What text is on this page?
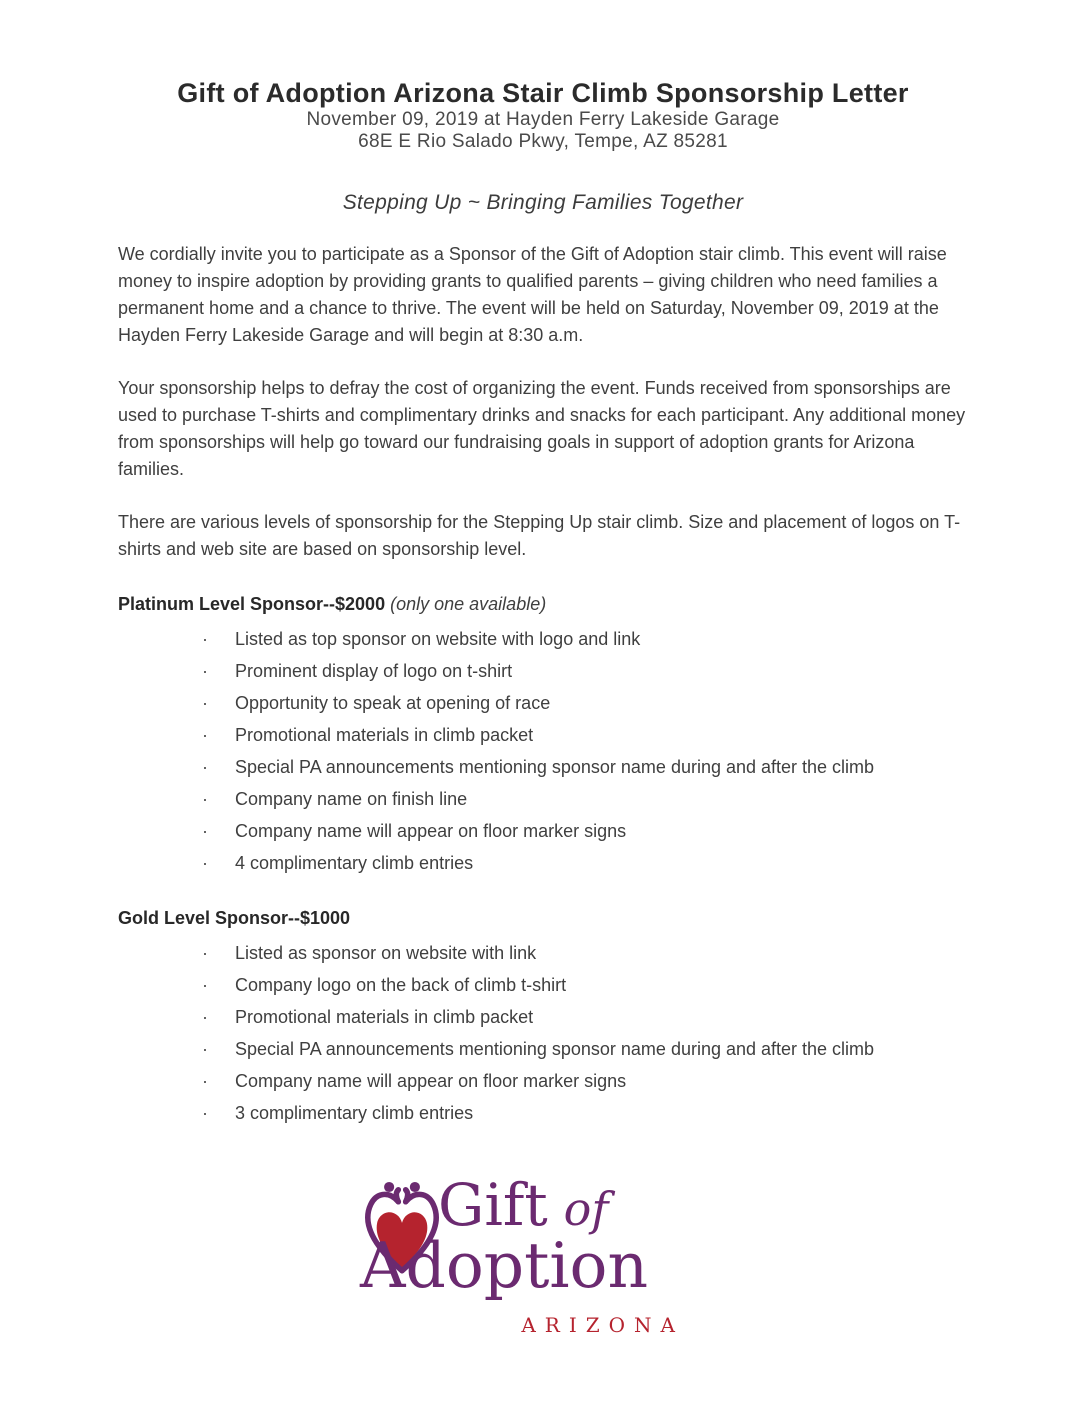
Gift of Adoption Arizona Stair Climb Sponsorship Letter

November 09, 2019 at Hayden Ferry Lakeside Garage

68E E Rio Salado Pkwy, Tempe, AZ 85281

Stepping Up ~ Bringing Families Together

We cordially invite you to participate as a Sponsor of the Gift of Adoption stair climb. This event will raise money to inspire adoption by providing grants to qualified parents – giving children who need families a permanent home and a chance to thrive. The event will be held on Saturday, November 09, 2019 at the Hayden Ferry Lakeside Garage and will begin at 8:30 a.m.

Your sponsorship helps to defray the cost of organizing the event. Funds received from sponsorships are used to purchase T-shirts and complimentary drinks and snacks for each participant. Any additional money from sponsorships will help go toward our fundraising goals in support of adoption grants for Arizona families.

There are various levels of sponsorship for the Stepping Up stair climb. Size and placement of logos on T-shirts and web site are based on sponsorship level.

Platinum Level Sponsor--$2000 (only one available)

·
Listed as top sponsor on website with logo and link
·
Prominent display of logo on t-shirt
·
Opportunity to speak at opening of race
·
Promotional materials in climb packet
·
Special PA announcements mentioning sponsor name during and after the climb
·
Company name on finish line
·
Company name will appear on floor marker signs
·
4 complimentary climb entries

Gold Level Sponsor--$1000

·
Listed as sponsor on website with link
·
Company logo on the back of climb t-shirt
·
Promotional materials in climb packet
·
Special PA announcements mentioning sponsor name during and after the climb
·
Company name will appear on floor marker signs
·
3 complimentary climb entries
Gift of
Adoption
ARIZONA
